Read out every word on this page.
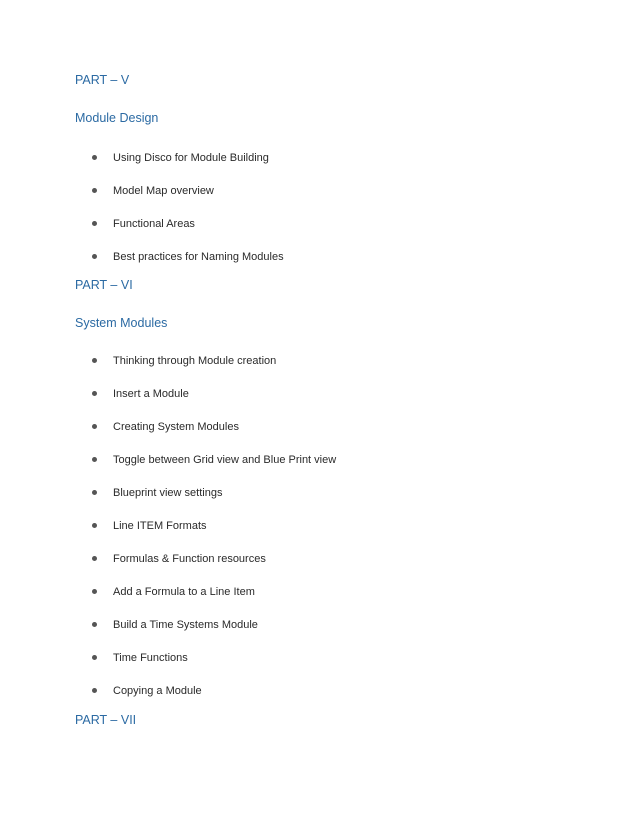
PART – V
Module Design
Using Disco for Module Building
Model Map overview
Functional Areas
Best practices for Naming Modules
PART – VI
System Modules
Thinking through Module creation
Insert a Module
Creating System Modules
Toggle between Grid view and Blue Print view
Blueprint view settings
Line ITEM Formats
Formulas & Function resources
Add a Formula to a Line Item
Build a Time Systems Module
Time Functions
Copying a Module
PART – VII
